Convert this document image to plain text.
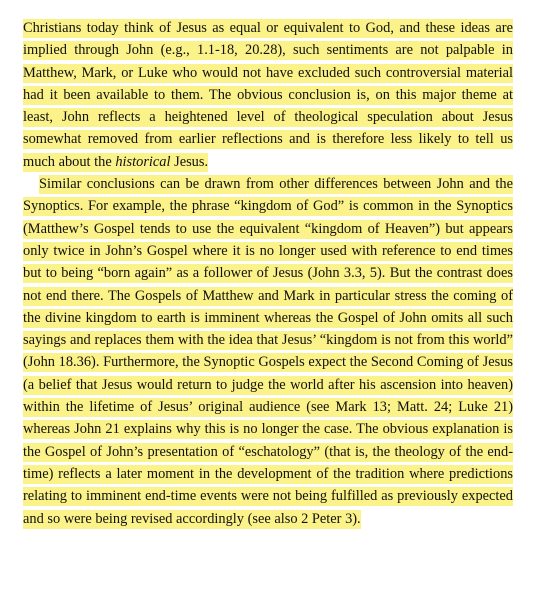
Christians today think of Jesus as equal or equivalent to God, and these ideas are implied through John (e.g., 1.1-18, 20.28), such sentiments are not palpable in Matthew, Mark, or Luke who would not have excluded such controversial material had it been available to them. The obvious conclusion is, on this major theme at least, John reflects a heightened level of theological speculation about Jesus somewhat removed from earlier reflections and is therefore less likely to tell us much about the historical Jesus.

Similar conclusions can be drawn from other differences between John and the Synoptics. For example, the phrase “kingdom of God” is common in the Synoptics (Matthew’s Gospel tends to use the equivalent “kingdom of Heaven”) but appears only twice in John’s Gospel where it is no longer used with reference to end times but to being “born again” as a follower of Jesus (John 3.3, 5). But the contrast does not end there. The Gospels of Matthew and Mark in particular stress the coming of the divine kingdom to earth is imminent whereas the Gospel of John omits all such sayings and replaces them with the idea that Jesus’ “kingdom is not from this world” (John 18.36). Furthermore, the Synoptic Gospels expect the Second Coming of Jesus (a belief that Jesus would return to judge the world after his ascension into heaven) within the lifetime of Jesus’ original audience (see Mark 13; Matt. 24; Luke 21) whereas John 21 explains why this is no longer the case. The obvious explanation is the Gospel of John’s presentation of “eschatology” (that is, the theology of the end-time) reflects a later moment in the development of the tradition where predictions relating to imminent end-time events were not being fulfilled as previously expected and so were being revised accordingly (see also 2 Peter 3).
